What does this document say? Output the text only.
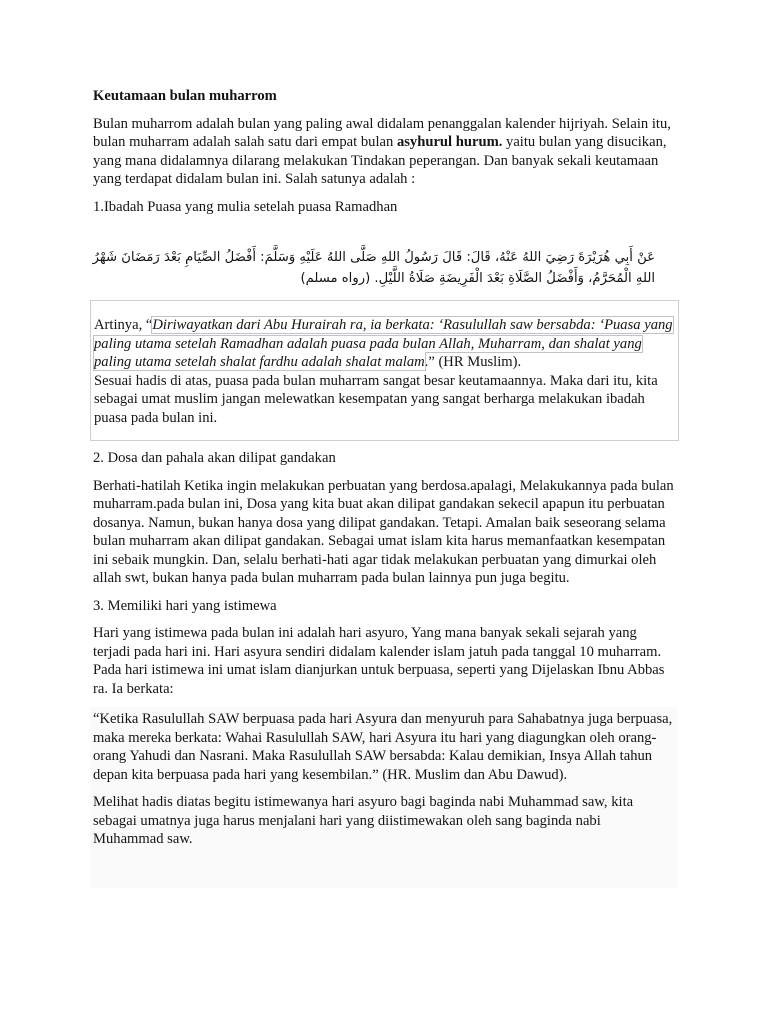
Keutamaan bulan muharrom

Bulan muharrom adalah bulan yang paling awal didalam penanggalan kalender hijriyah. Selain itu, bulan muharram adalah salah satu dari empat bulan asyhurul hurum. yaitu bulan yang disucikan, yang mana didalamnya dilarang melakukan Tindakan peperangan. Dan banyak sekali keutamaan yang terdapat didalam bulan ini. Salah satunya adalah :

1.Ibadah Puasa yang mulia setelah puasa Ramadhan
عَنْ أَبِي هُرَيْرَةَ رَضِيَ اللهُ عَنْهُ، قَالَ: قَالَ رَسُولُ اللهِ صَلَّى اللهُ عَلَيْهِ وَسَلَّمَ: أَفْضَلُ الصِّيَامِ بَعْدَ رَمَضَانَ شَهْرُ اللهِ الْمُحَرَّمُ، وَأَفْضَلُ الصَّلَاةِ بَعْدَ الْفَرِيضَةِ صَلَاةُ اللَّيْلِ. (رواه مسلم)
Artinya, “Diriwayatkan dari Abu Hurairah ra, ia berkata: ‘Rasulullah saw bersabda: ‘Puasa yang paling utama setelah Ramadhan adalah puasa pada bulan Allah, Muharram, dan shalat yang paling utama setelah shalat fardhu adalah shalat malam.” (HR Muslim).
Sesuai hadis di atas, puasa pada bulan muharram sangat besar keutamaannya. Maka dari itu, kita sebagai umat muslim jangan melewatkan kesempatan yang sangat berharga melakukan ibadah puasa pada bulan ini.
2. Dosa dan pahala akan dilipat gandakan

Berhati-hatilah Ketika ingin melakukan perbuatan yang berdosa.apalagi, Melakukannya pada bulan muharram.pada bulan ini, Dosa yang kita buat akan dilipat gandakan sekecil apapun itu perbuatan dosanya. Namun, bukan hanya dosa yang dilipat gandakan. Tetapi. Amalan baik seseorang selama bulan muharram akan dilipat gandakan. Sebagai umat islam kita harus memanfaatkan kesempatan ini sebaik mungkin. Dan, selalu berhati-hati agar tidak melakukan perbuatan yang dimurkai oleh allah swt, bukan hanya pada bulan muharram pada bulan lainnya pun juga begitu.

3. Memiliki hari yang istimewa

Hari yang istimewa pada bulan ini adalah hari asyuro, Yang mana banyak sekali sejarah yang terjadi pada hari ini. Hari asyura sendiri didalam kalender islam jatuh pada tanggal 10 muharram. Pada hari istimewa ini umat islam dianjurkan untuk berpuasa, seperti yang Dijelaskan Ibnu Abbas ra. Ia berkata:

“Ketika Rasulullah SAW berpuasa pada hari Asyura dan menyuruh para Sahabatnya juga berpuasa, maka mereka berkata: Wahai Rasulullah SAW, hari Asyura itu hari yang diagungkan oleh orang-orang Yahudi dan Nasrani. Maka Rasulullah SAW bersabda: Kalau demikian, Insya Allah tahun depan kita berpuasa pada hari yang kesembilan.” (HR. Muslim dan Abu Dawud).

Melihat hadis diatas begitu istimewanya hari asyuro bagi baginda nabi Muhammad saw, kita sebagai umatnya juga harus menjalani hari yang diistimewakan oleh sang baginda nabi Muhammad saw.
